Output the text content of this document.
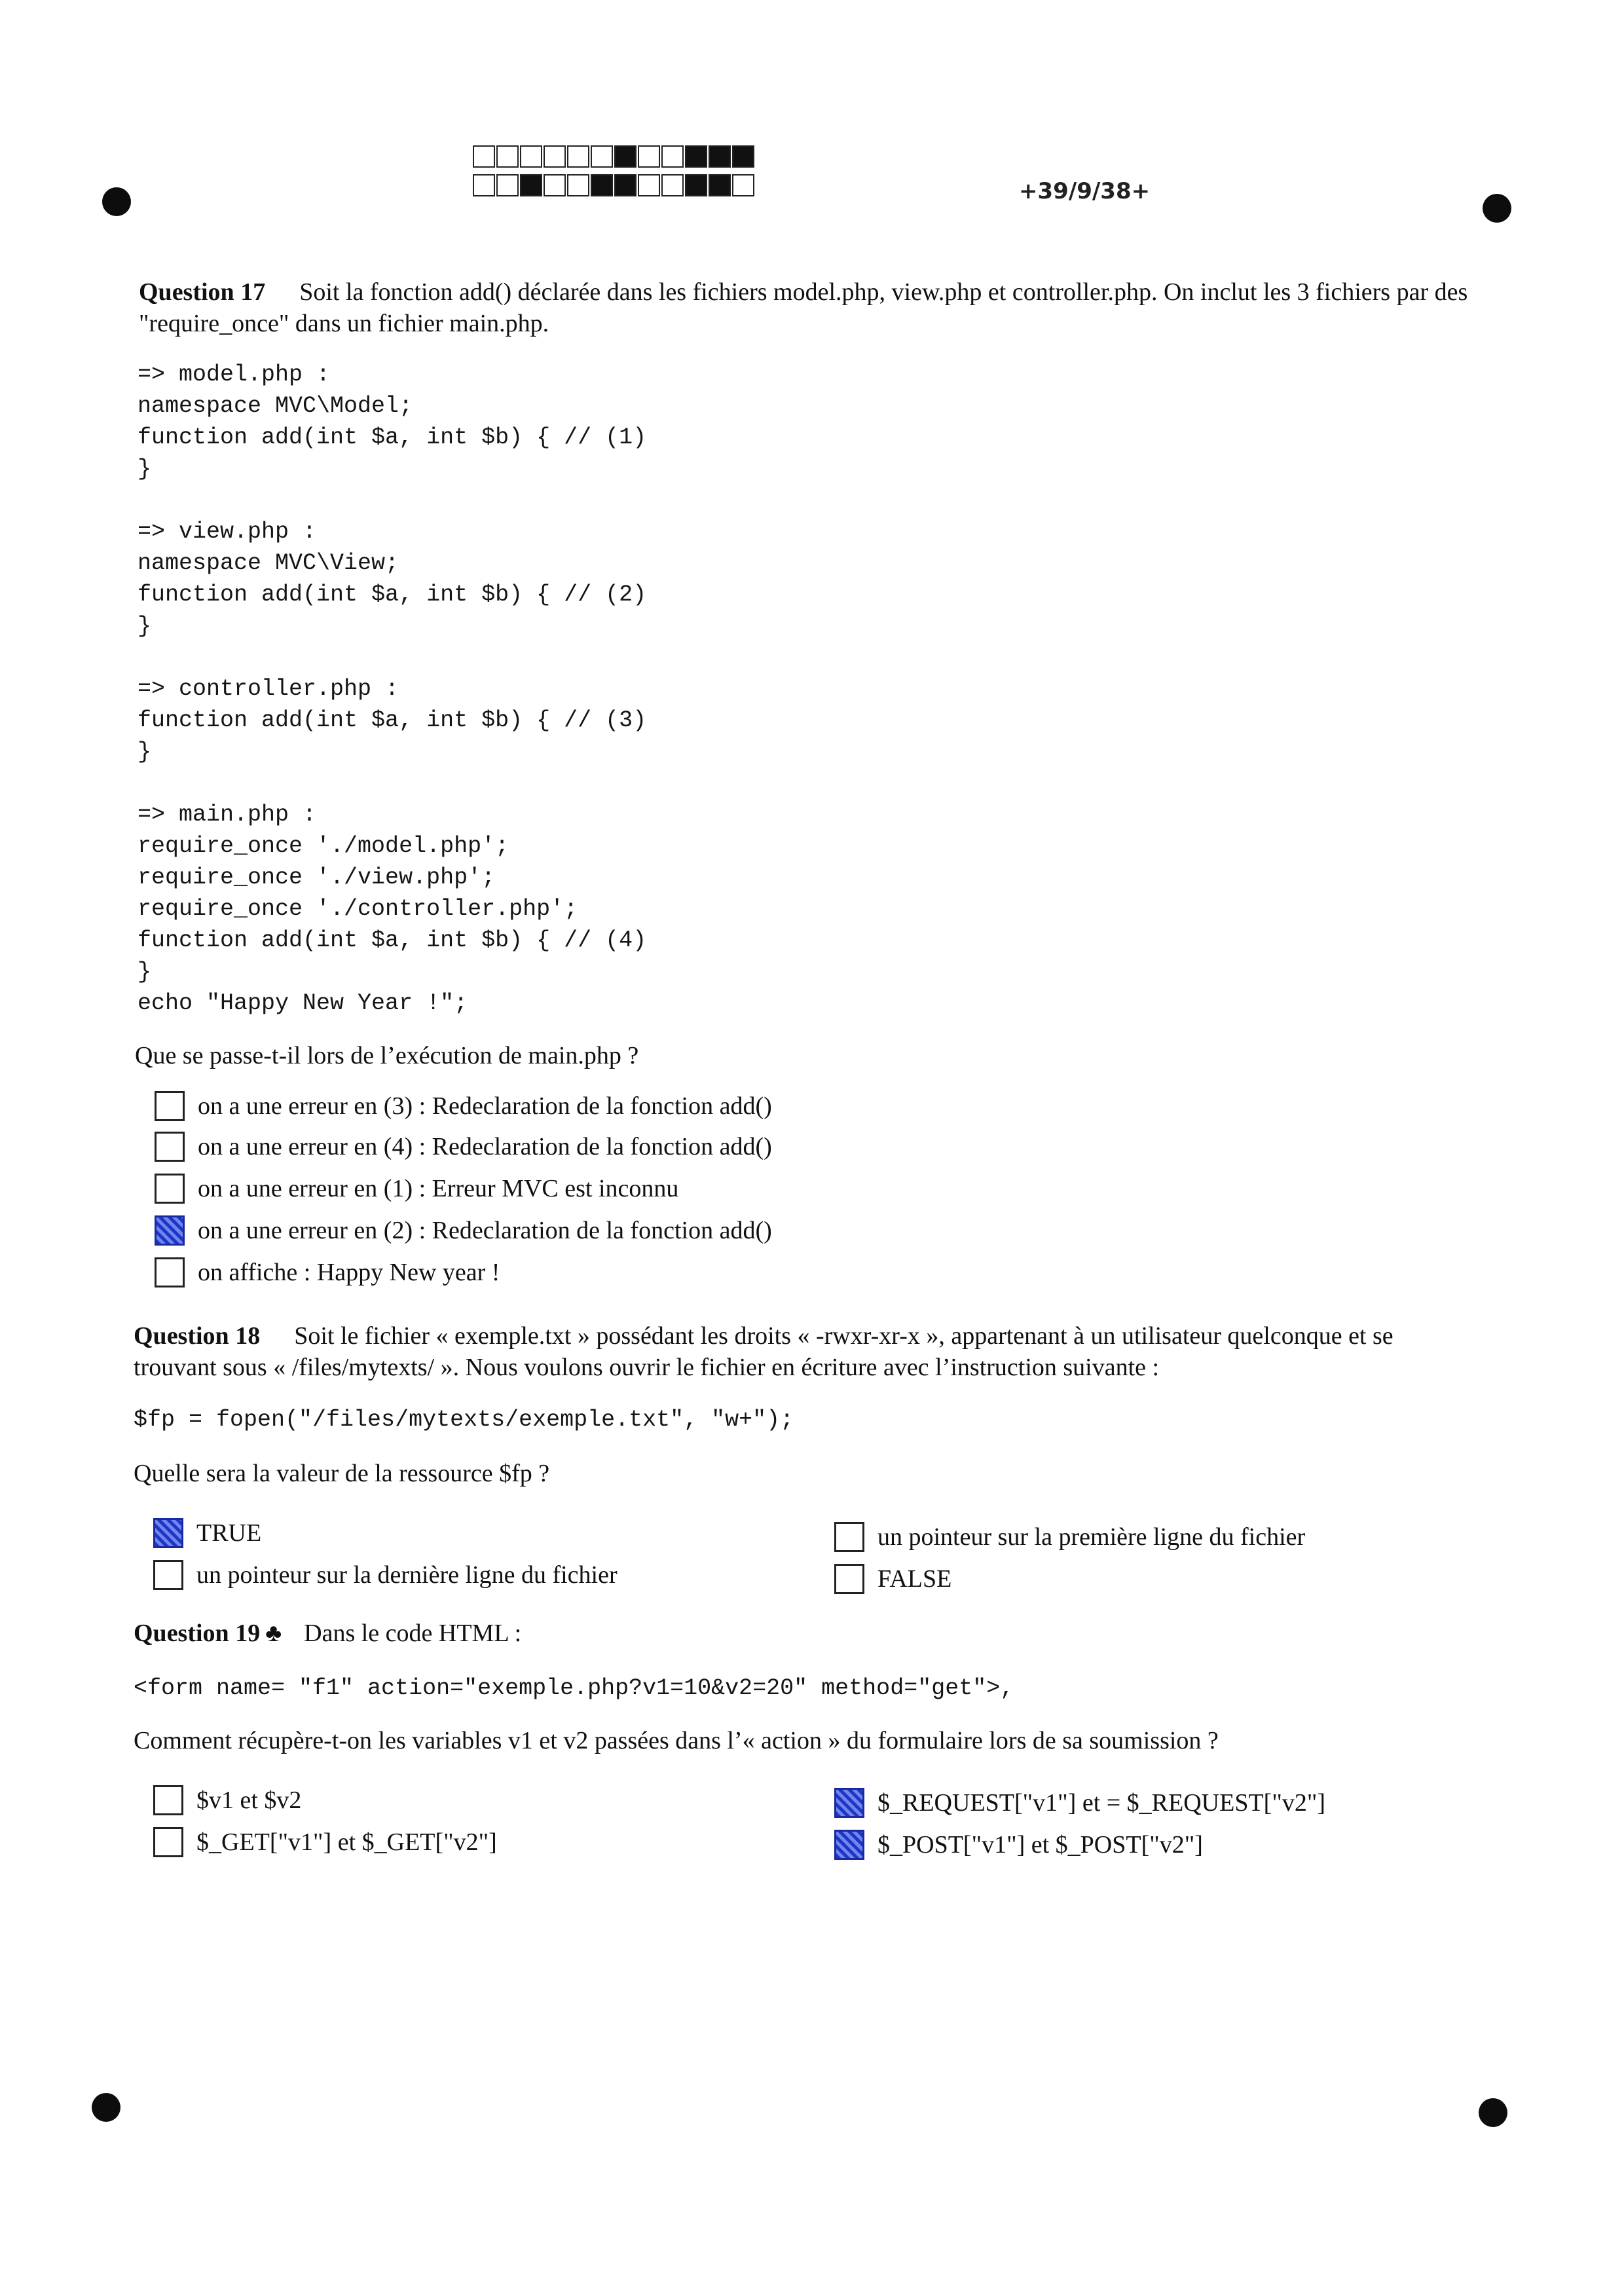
+39/9/38+
Question 17 Soit la fonction add() déclarée dans les fichiers model.php, view.php et controller.php. On inclut les 3 fichiers par des "require_once" dans un fichier main.php.
=> model.php :
namespace MVC\Model;
function add(int $a, int $b) { // (1)
}

=> view.php :
namespace MVC\View;
function add(int $a, int $b) { // (2)
}

=> controller.php :
function add(int $a, int $b) { // (3)
}

=> main.php :
require_once './model.php';
require_once './view.php';
require_once './controller.php';
function add(int $a, int $b) { // (4)
}
echo "Happy New Year !";
Que se passe-t-il lors de l’exécution de main.php ?
on a une erreur en (3) : Redeclaration de la fonction add()
on a une erreur en (4) : Redeclaration de la fonction add()
on a une erreur en (1) : Erreur MVC est inconnu
on a une erreur en (2) : Redeclaration de la fonction add()
on affiche : Happy New year !
Question 18 Soit le fichier « exemple.txt » possédant les droits « -rwxr-xr-x », appartenant à un utilisateur quelconque et se trouvant sous « /files/mytexts/ ». Nous voulons ouvrir le fichier en écriture avec l’instruction suivante :
$fp = fopen("/files/mytexts/exemple.txt", "w+");
Quelle sera la valeur de la ressource $fp ?
TRUE
un pointeur sur la dernière ligne du fichier
un pointeur sur la première ligne du fichier
FALSE
Question 19 ♣ Dans le code HTML :
<form name= "f1" action="exemple.php?v1=10&v2=20" method="get">,
Comment récupère-t-on les variables v1 et v2 passées dans l’« action » du formulaire lors de sa soumission ?
$v1 et $v2
$_GET["v1"] et $_GET["v2"]
$_REQUEST["v1"] et = $_REQUEST["v2"]
$_POST["v1"] et $_POST["v2"]
